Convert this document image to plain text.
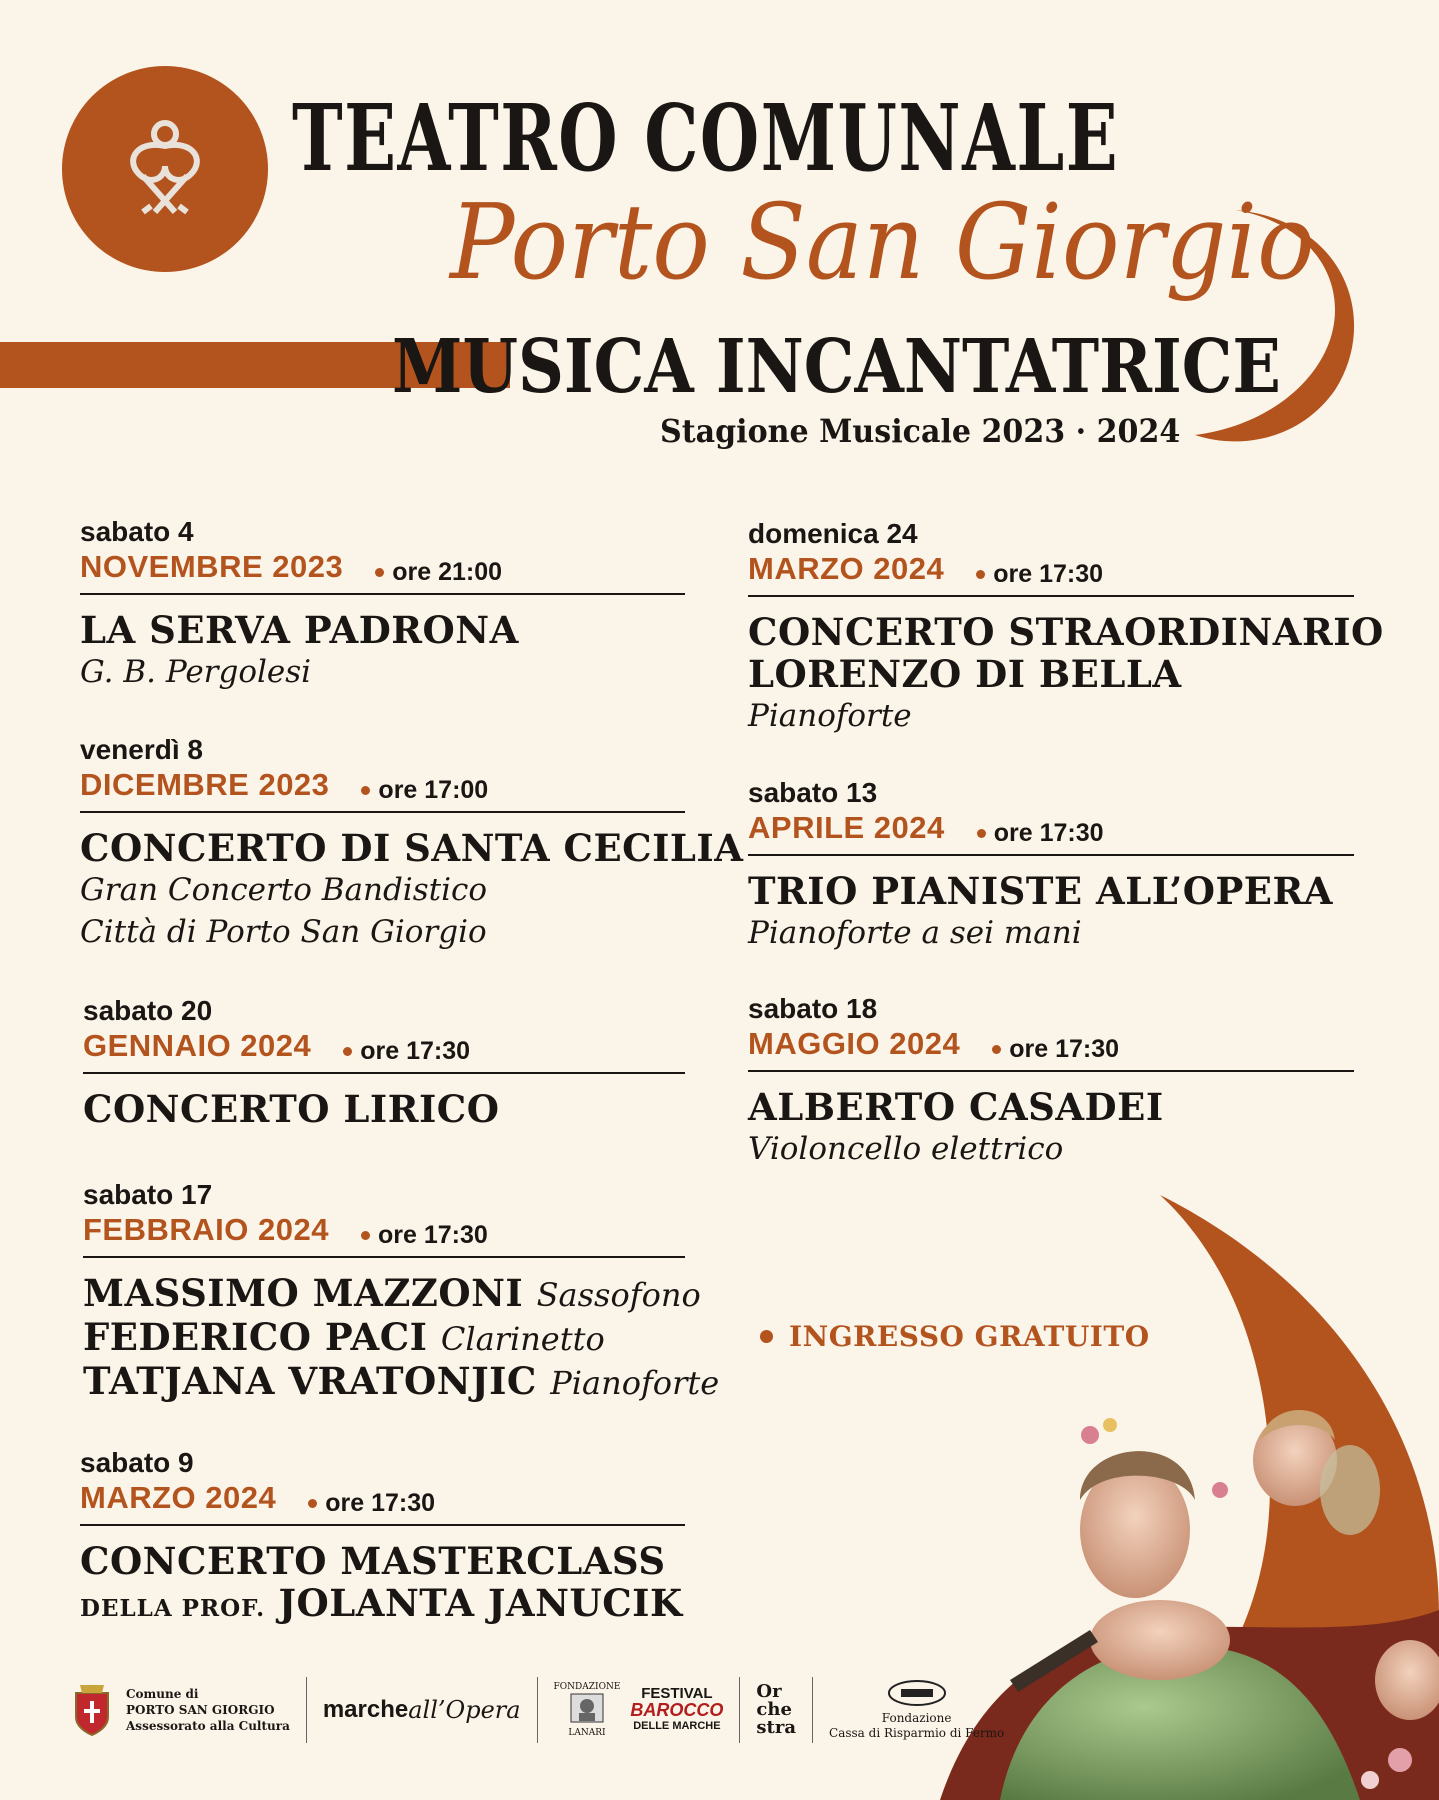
TEATRO COMUNALE
Porto San Giorgio
MUSICA INCANTATRICE
Stagione Musicale 2023 · 2024
sabato 4
NOVEMBRE 2023 ore 21:00
LA SERVA PADRONA
G. B. Pergolesi
venerdì 8
DICEMBRE 2023 ore 17:00
CONCERTO DI SANTA CECILIA
Gran Concerto Bandistico
Città di Porto San Giorgio
sabato 20
GENNAIO 2024 ore 17:30
CONCERTO LIRICO
sabato 17
FEBBRAIO 2024 ore 17:30
MASSIMO MAZZONI Sassofono
FEDERICO PACI Clarinetto
TATJANA VRATONJIC Pianoforte
sabato 9
MARZO 2024 ore 17:30
CONCERTO MASTERCLASS
DELLA PROF. JOLANTA JANUCIK
domenica 24
MARZO 2024 ore 17:30
CONCERTO STRAORDINARIO
LORENZO DI BELLA
Pianoforte
sabato 13
APRILE 2024 ore 17:30
TRIO PIANISTE ALL’OPERA
Pianoforte a sei mani
sabato 18
MAGGIO 2024 ore 17:30
ALBERTO CASADEI
Violoncello elettrico
INGRESSO GRATUITO
Comune di
PORTO SAN GIORGIO
Assessorato alla Cultura
marche all’Opera
FONDAZIONE
LANARI
FESTIVAL
BAROCCO
DELLE MARCHE
Or
che
stra	Fondazione
Cassa di Risparmio di Fermo
